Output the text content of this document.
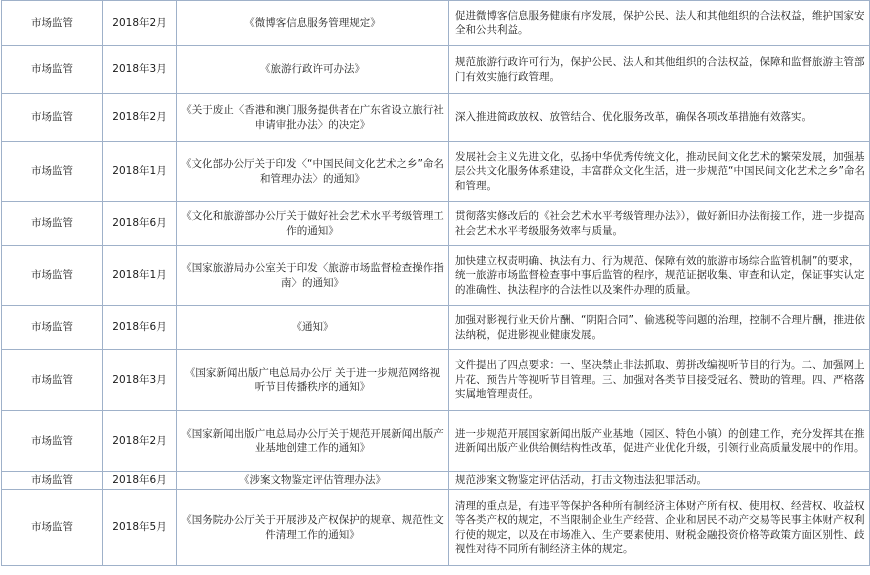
市场监管	2018年2月	《微博客信息服务管理规定》	促进微博客信息服务健康有序发展，保护公民、法人和其他组织的合法权益，维护国家安全和公共利益。
市场监管	2018年3月	《旅游行政许可办法》	规范旅游行政许可行为，保护公民、法人和其他组织的合法权益，保障和监督旅游主管部门有效实施行政管理。
市场监管	2018年2月	《关于废止〈香港和澳门服务提供者在广东省设立旅行社申请审批办法〉的决定》	深入推进简政放权、放管结合、优化服务改革，确保各项改革措施有效落实。
市场监管	2018年1月	《文化部办公厅关于印发〈“中国民间文化艺术之乡”命名和管理办法〉的通知》	发展社会主义先进文化，弘扬中华优秀传统文化，推动民间文化艺术的繁荣发展，加强基层公共文化服务体系建设，丰富群众文化生活，进一步规范“中国民间文化艺术之乡”命名和管理。
市场监管	2018年6月	《文化和旅游部办公厅关于做好社会艺术水平考级管理工作的通知》	贯彻落实修改后的《社会艺术水平考级管理办法》），做好新旧办法衔接工作，进一步提高社会艺术水平考级服务效率与质量。
市场监管	2018年1月	《国家旅游局办公室关于印发〈旅游市场监督检查操作指南〉的通知》	加快建立权责明确、执法有力、行为规范、保障有效的旅游市场综合监管机制”的要求，统一旅游市场监督检查事中事后监管的程序，规范证据收集、审查和认定，保证事实认定的准确性、执法程序的合法性以及案件办理的质量。
市场监管	2018年6月	《通知》	加强对影视行业天价片酬、“阴阳合同”、偷逃税等问题的治理，控制不合理片酬，推进依法纳税，促进影视业健康发展。
市场监管	2018年3月	《国家新闻出版广电总局办公厅 关于进一步规范网络视听节目传播秩序的通知》	文件提出了四点要求：一、坚决禁止非法抓取、剪拼改编视听节目的行为。二、加强网上片花、预告片等视听节目管理。三、加强对各类节目接受冠名、赞助的管理。四、严格落实属地管理责任。
市场监管	2018年2月	《国家新闻出版广电总局办公厅关于规范开展新闻出版产业基地创建工作的通知》	进一步规范开展国家新闻出版产业基地（园区、特色小镇）的创建工作，充分发挥其在推进新闻出版产业供给侧结构性改革，促进产业优化升级，引领行业高质量发展中的作用。
市场监管	2018年6月	《涉案文物鉴定评估管理办法》	规范涉案文物鉴定评估活动，打击文物违法犯罪活动。
市场监管	2018年5月	《国务院办公厅关于开展涉及产权保护的规章、规范性文件清理工作的通知》	清理的重点是，有违平等保护各种所有制经济主体财产所有权、使用权、经营权、收益权等各类产权的规定，不当限制企业生产经营、企业和居民不动产交易等民事主体财产权利行使的规定，以及在市场准入、生产要素使用、财税金融投资价格等政策方面区别性、歧视性对待不同所有制经济主体的规定。
